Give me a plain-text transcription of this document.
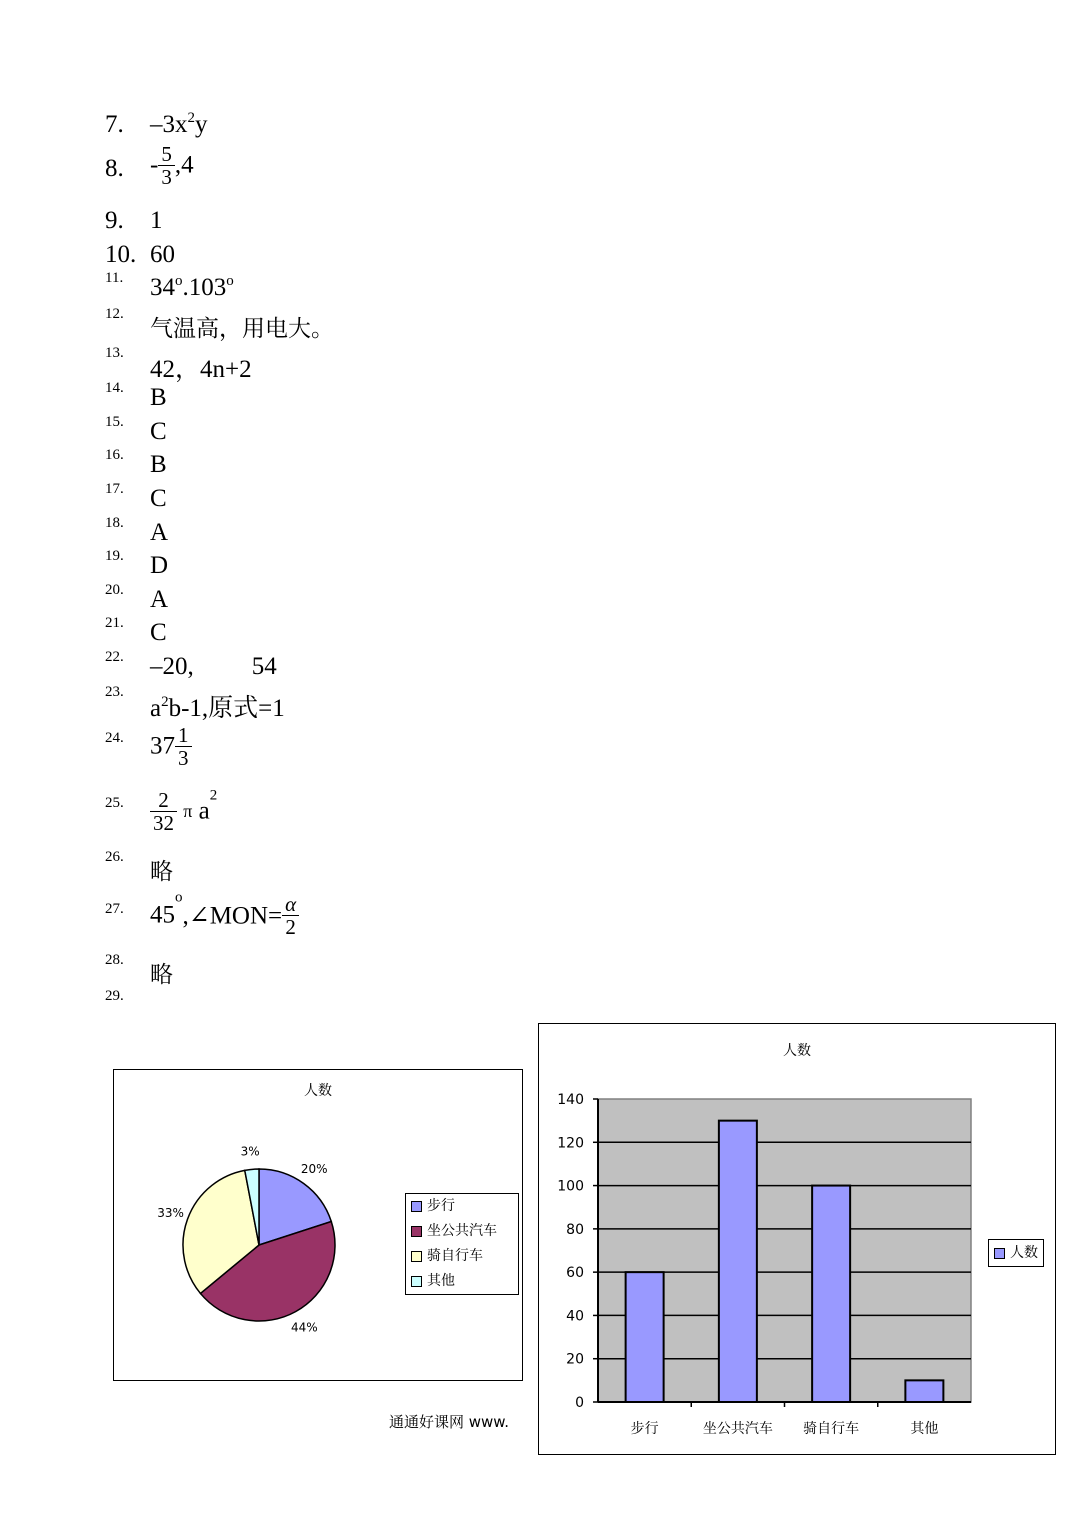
7. $-3x^2y$
8. - $\frac{5}{3} ,4$
9. 1
10. 60
11. 34$^o$.103$^o$
12.
气温高，用电大。
13.
42，4n+2
14. B
15. C
16. B
17. C
18. A
19. D
20. A
21. C
22. –20, 54
23.
$a^2b-1$,原式=1
24. $37 \frac{1}{3}$
25. $\frac{2}{32}$ π $a^2$
26.
略
27. $45^o,\angle MON= \frac{\alpha}{2}$
28.
略
29.
人数
20%
44%
33%
3%
步行
坐公共汽车
骑自行车
其他
人数
0
20
40
60
80
100
120
140
步行	坐公共汽车 骑自行车	其他
人数
通通好课网 www.
